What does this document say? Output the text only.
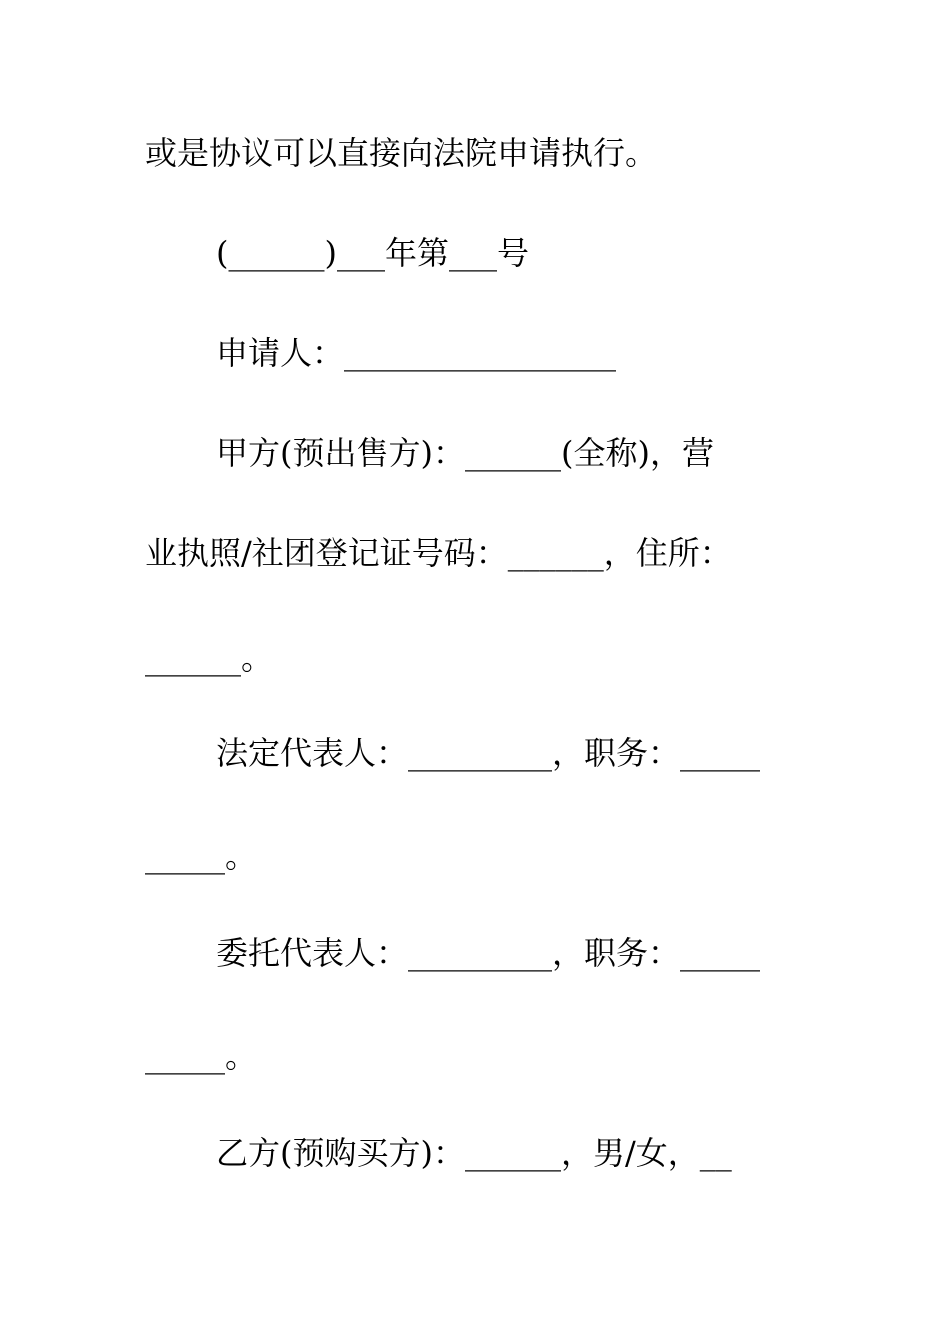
或是协议可以直接向法院申请执行。
(______)___年第___号
申请人：_________________
甲方(预出售方)：______(全称)，营
业执照/社团登记证号码：______，住所：
______。
法定代表人：_________，职务：_____
_____。
委托代表人：_________，职务：_____
_____。
乙方(预购买方)：______，男/女，__
